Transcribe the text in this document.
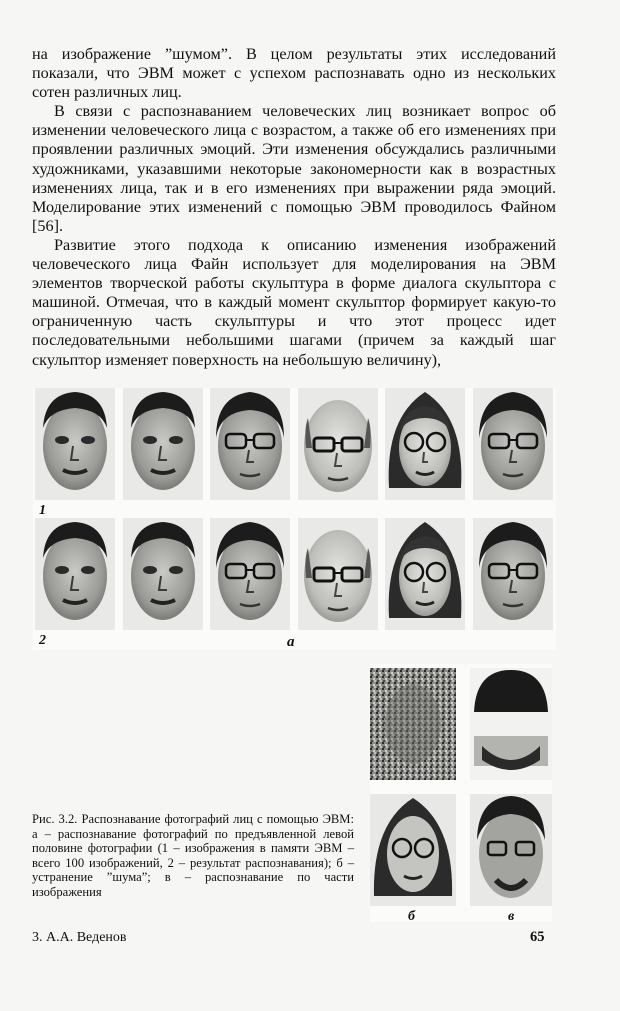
на изображение ”шумом”. В целом результаты этих исследований показали, что ЭВМ может с успехом распознавать одно из нескольких сотен различных лиц.

В связи с распознаванием человеческих лиц возникает вопрос об изменении человеческого лица с возрастом, а также об его изменениях при проявлении различных эмоций. Эти изменения обсуждались различными художниками, указавшими некоторые закономерности как в возрастных изменениях лица, так и в его изменениях при выражении ряда эмоций. Моделирование этих изменений с помощью ЭВМ проводилось Файном [56].

Развитие этого подхода к описанию изменения изображений человеческого лица Файн использует для моделирования на ЭВМ элементов творческой работы скульптура в форме диалога скульптора с машиной. Отмечая, что в каждый момент скульптор формирует какую-то ограниченную часть скульптуры и что этот процесс идет последовательными небольшими шагами (причем за каждый шаг скульптор изменяет поверхность на небольшую величину),

1
2	а
б	в

Рис. 3.2. Распознавание фотографий лиц с помощью ЭВМ: а – распознавание фотографий по предъявленной левой половине фотографии (1 – изображения в памяти ЭВМ – всего 100 изображений, 2 – результат распознавания); б – устранение ”шума”; в – распознавание по части изображения

3. А.А. Веденов	65
